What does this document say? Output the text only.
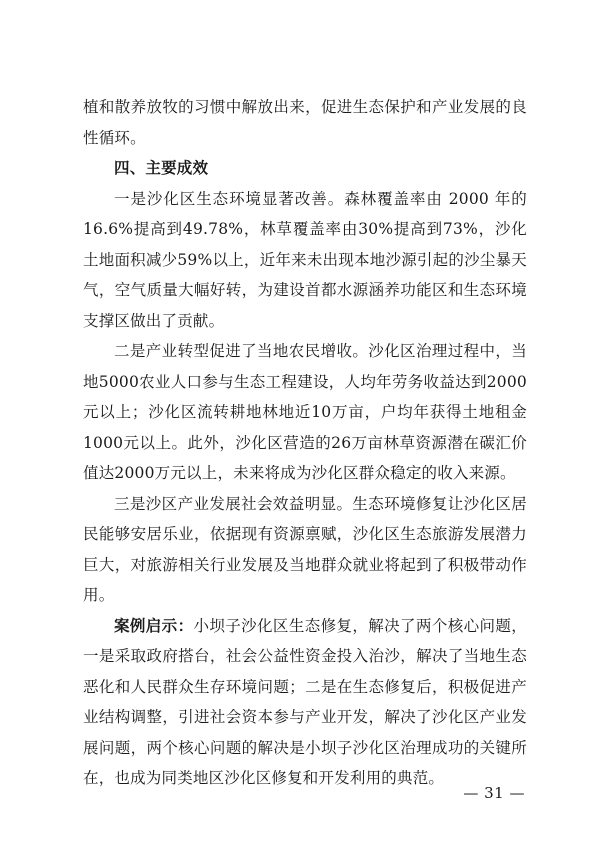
植和散养放牧的习惯中解放出来，促进生态保护和产业发展的良性循环。

四、主要成效

一是沙化区生态环境显著改善。森林覆盖率由 2000 年的16.6%提高到49.78%，林草覆盖率由30%提高到73%，沙化土地面积减少59%以上，近年来未出现本地沙源引起的沙尘暴天气，空气质量大幅好转，为建设首都水源涵养功能区和生态环境支撑区做出了贡献。

二是产业转型促进了当地农民增收。沙化区治理过程中，当地5000农业人口参与生态工程建设，人均年劳务收益达到2000元以上；沙化区流转耕地林地近10万亩，户均年获得土地租金1000元以上。此外，沙化区营造的26万亩林草资源潜在碳汇价值达2000万元以上，未来将成为沙化区群众稳定的收入来源。

三是沙区产业发展社会效益明显。生态环境修复让沙化区居民能够安居乐业，依据现有资源禀赋，沙化区生态旅游发展潜力巨大，对旅游相关行业发展及当地群众就业将起到了积极带动作用。

案例启示：小坝子沙化区生态修复，解决了两个核心问题，一是采取政府搭台，社会公益性资金投入治沙，解决了当地生态恶化和人民群众生存环境问题；二是在生态修复后，积极促进产业结构调整，引进社会资本参与产业开发，解决了沙化区产业发展问题，两个核心问题的解决是小坝子沙化区治理成功的关键所在，也成为同类地区沙化区修复和开发利用的典范。

— 31 —
